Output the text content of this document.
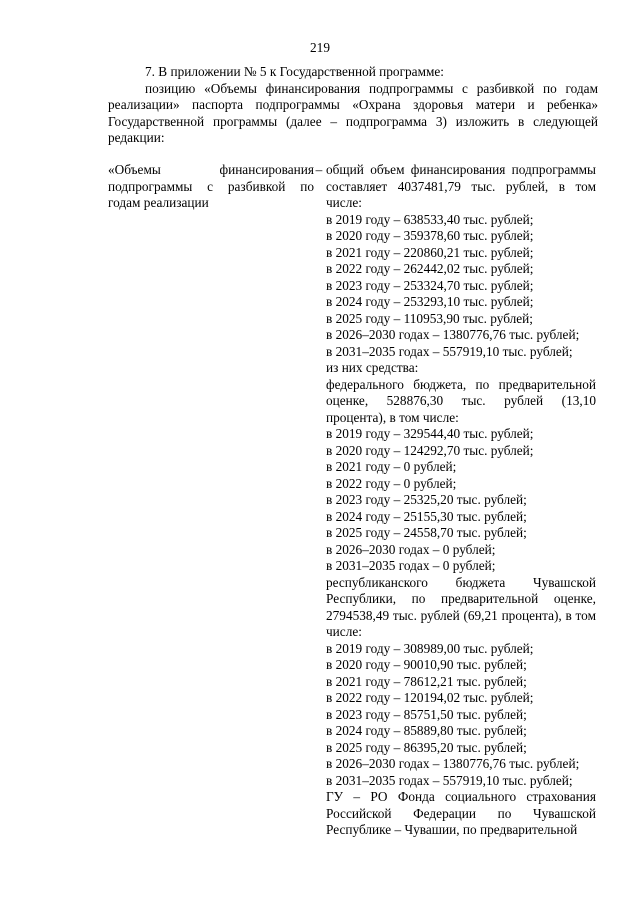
219

7. В приложении № 5 к Государственной программе:

позицию «Объемы финансирования подпрограммы с разбивкой по годам реализации» паспорта подпрограммы «Охрана здоровья матери и ребенка» Государственной программы (далее – подпрограмма 3) изложить в следующей редакции:

«Объемы финансирования подпрограммы с разбивкой по годам реализации

– общий объем финансирования подпрограммы составляет 4037481,79 тыс. рублей, в том числе:
в 2019 году – 638533,40 тыс. рублей;
в 2020 году – 359378,60 тыс. рублей;
в 2021 году – 220860,21 тыс. рублей;
в 2022 году – 262442,02 тыс. рублей;
в 2023 году – 253324,70 тыс. рублей;
в 2024 году – 253293,10 тыс. рублей;
в 2025 году – 110953,90 тыс. рублей;
в 2026–2030 годах – 1380776,76 тыс. рублей;
в 2031–2035 годах – 557919,10 тыс. рублей;
из них средства:
федерального бюджета, по предварительной оценке, 528876,30 тыс. рублей (13,10 процента), в том числе:
в 2019 году – 329544,40 тыс. рублей;
в 2020 году – 124292,70 тыс. рублей;
в 2021 году – 0 рублей;
в 2022 году – 0 рублей;
в 2023 году – 25325,20 тыс. рублей;
в 2024 году – 25155,30 тыс. рублей;
в 2025 году – 24558,70 тыс. рублей;
в 2026–2030 годах – 0 рублей;
в 2031–2035 годах – 0 рублей;
республиканского бюджета Чувашской Республики, по предварительной оценке, 2794538,49 тыс. рублей (69,21 процента), в том числе:
в 2019 году – 308989,00 тыс. рублей;
в 2020 году – 90010,90 тыс. рублей;
в 2021 году – 78612,21 тыс. рублей;
в 2022 году – 120194,02 тыс. рублей;
в 2023 году – 85751,50 тыс. рублей;
в 2024 году – 85889,80 тыс. рублей;
в 2025 году – 86395,20 тыс. рублей;
в 2026–2030 годах – 1380776,76 тыс. рублей;
в 2031–2035 годах – 557919,10 тыс. рублей;
ГУ – РО Фонда социального страхования Российской Федерации по Чувашской Республике – Чувашии, по предварительной
